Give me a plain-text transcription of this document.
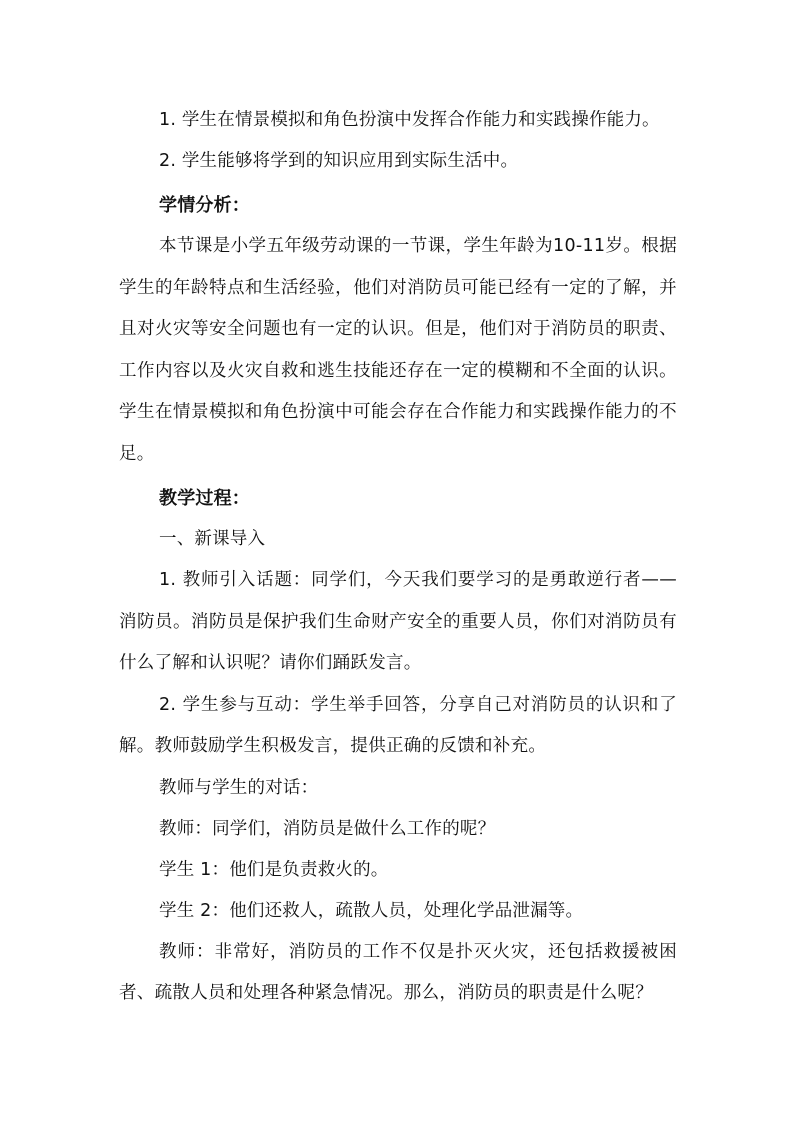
1. 学生在情景模拟和角色扮演中发挥合作能力和实践操作能力。
2. 学生能够将学到的知识应用到实际生活中。
学情分析：
本节课是小学五年级劳动课的一节课，学生年龄为10-11岁。根据学生的年龄特点和生活经验，他们对消防员可能已经有一定的了解，并且对火灾等安全问题也有一定的认识。但是，他们对于消防员的职责、工作内容以及火灾自救和逃生技能还存在一定的模糊和不全面的认识。学生在情景模拟和角色扮演中可能会存在合作能力和实践操作能力的不足。
教学过程：
一、新课导入
1. 教师引入话题：同学们，今天我们要学习的是勇敢逆行者——消防员。消防员是保护我们生命财产安全的重要人员，你们对消防员有什么了解和认识呢？请你们踊跃发言。
2. 学生参与互动：学生举手回答，分享自己对消防员的认识和了解。教师鼓励学生积极发言，提供正确的反馈和补充。
教师与学生的对话：
教师：同学们，消防员是做什么工作的呢？
学生 1：他们是负责救火的。
学生 2：他们还救人，疏散人员，处理化学品泄漏等。
教师：非常好，消防员的工作不仅是扑灭火灾，还包括救援被困者、疏散人员和处理各种紧急情况。那么，消防员的职责是什么呢？
